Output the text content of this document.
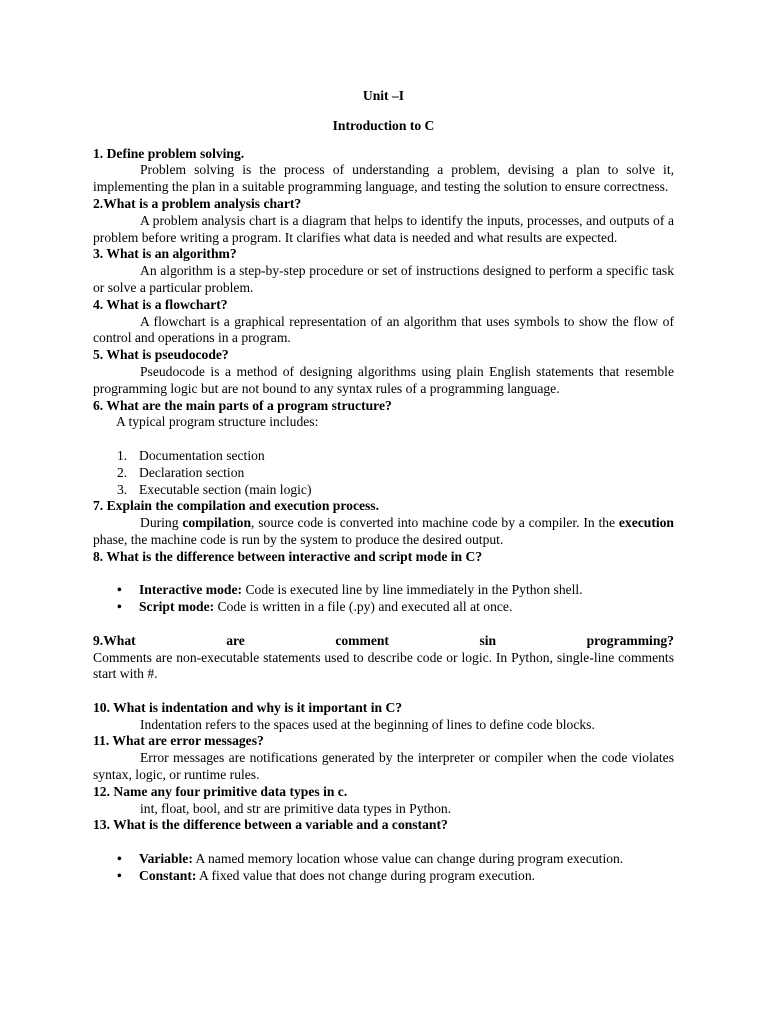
Unit –I
Introduction to C
1. Define problem solving.
Problem solving is the process of understanding a problem, devising a plan to solve it, implementing the plan in a suitable programming language, and testing the solution to ensure correctness.
2.What is a problem analysis chart?
A problem analysis chart is a diagram that helps to identify the inputs, processes, and outputs of a problem before writing a program. It clarifies what data is needed and what results are expected.
3. What is an algorithm?
An algorithm is a step-by-step procedure or set of instructions designed to perform a specific task or solve a particular problem.
4. What is a flowchart?
A flowchart is a graphical representation of an algorithm that uses symbols to show the flow of control and operations in a program.
5. What is pseudocode?
Pseudocode is a method of designing algorithms using plain English statements that resemble programming logic but are not bound to any syntax rules of a programming language.
6. What are the main parts of a program structure?
A typical program structure includes:
1. Documentation section
2. Declaration section
3. Executable section (main logic)
7. Explain the compilation and execution process.
During compilation, source code is converted into machine code by a compiler. In the execution phase, the machine code is run by the system to produce the desired output.
8. What is the difference between interactive and script mode in C?
• Interactive mode: Code is executed line by line immediately in the Python shell.
• Script mode: Code is written in a file (.py) and executed all at once.
9.What	are	comment	sin	programming?
Comments are non-executable statements used to describe code or logic. In Python, single-line comments start with #.
10. What is indentation and why is it important in C?
Indentation refers to the spaces used at the beginning of lines to define code blocks.
11. What are error messages?
Error messages are notifications generated by the interpreter or compiler when the code violates syntax, logic, or runtime rules.
12. Name any four primitive data types in c.
int, float, bool, and str are primitive data types in Python.
13. What is the difference between a variable and a constant?
• Variable: A named memory location whose value can change during program execution.
• Constant: A fixed value that does not change during program execution.
